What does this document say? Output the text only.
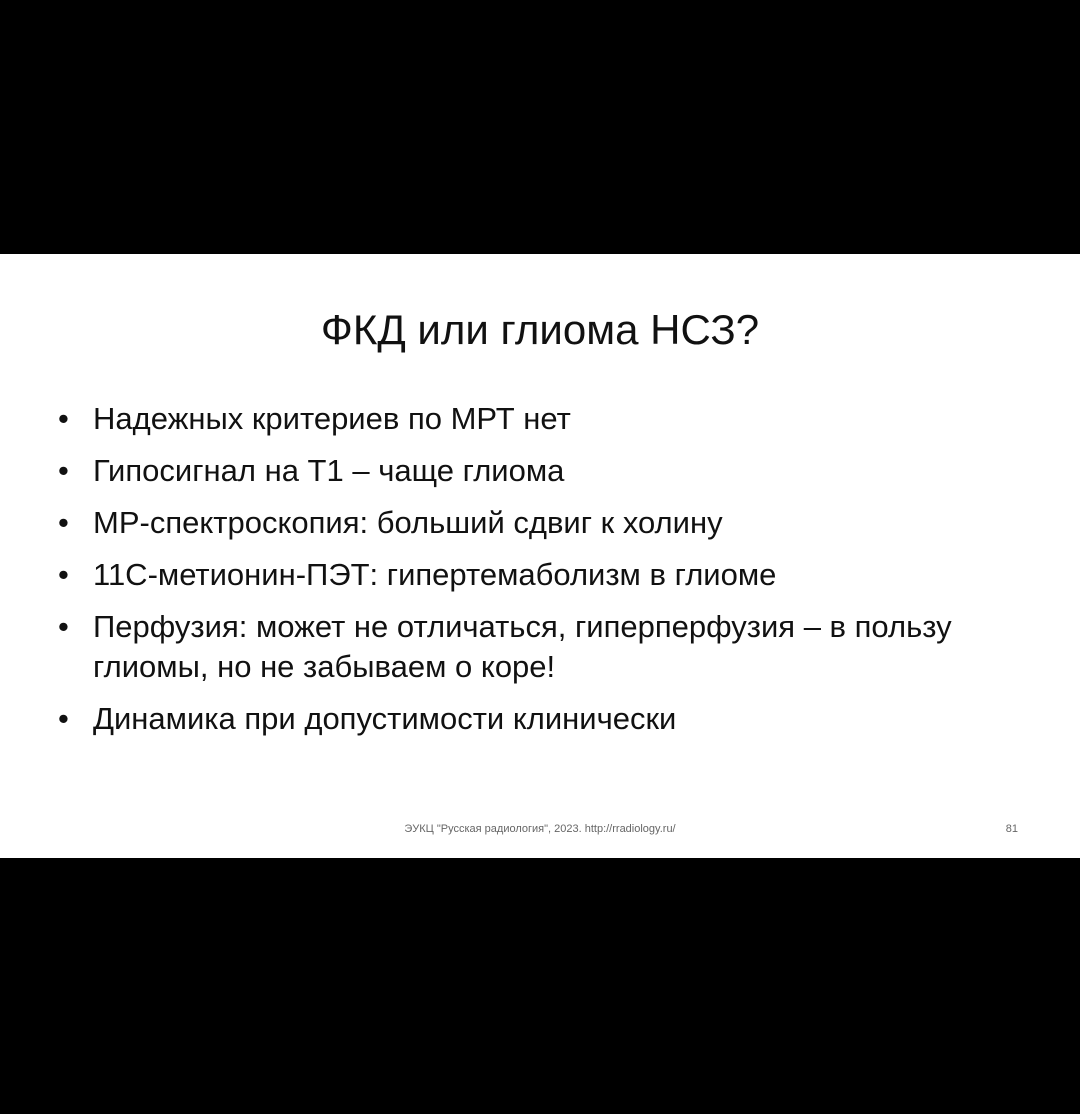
ФКД или глиома НСЗ?
• Надежных критериев по МРТ нет
• Гипосигнал на Т1 – чаще глиома
• МР-спектроскопия: больший сдвиг к холину
• 11С-метионин-ПЭТ: гипертемаболизм в глиоме
• Перфузия: может не отличаться, гиперперфузия – в пользу глиомы, но не забываем о коре!
• Динамика при допустимости клинически
ЭУКЦ "Русская радиология", 2023. http://rradiology.ru/	81
